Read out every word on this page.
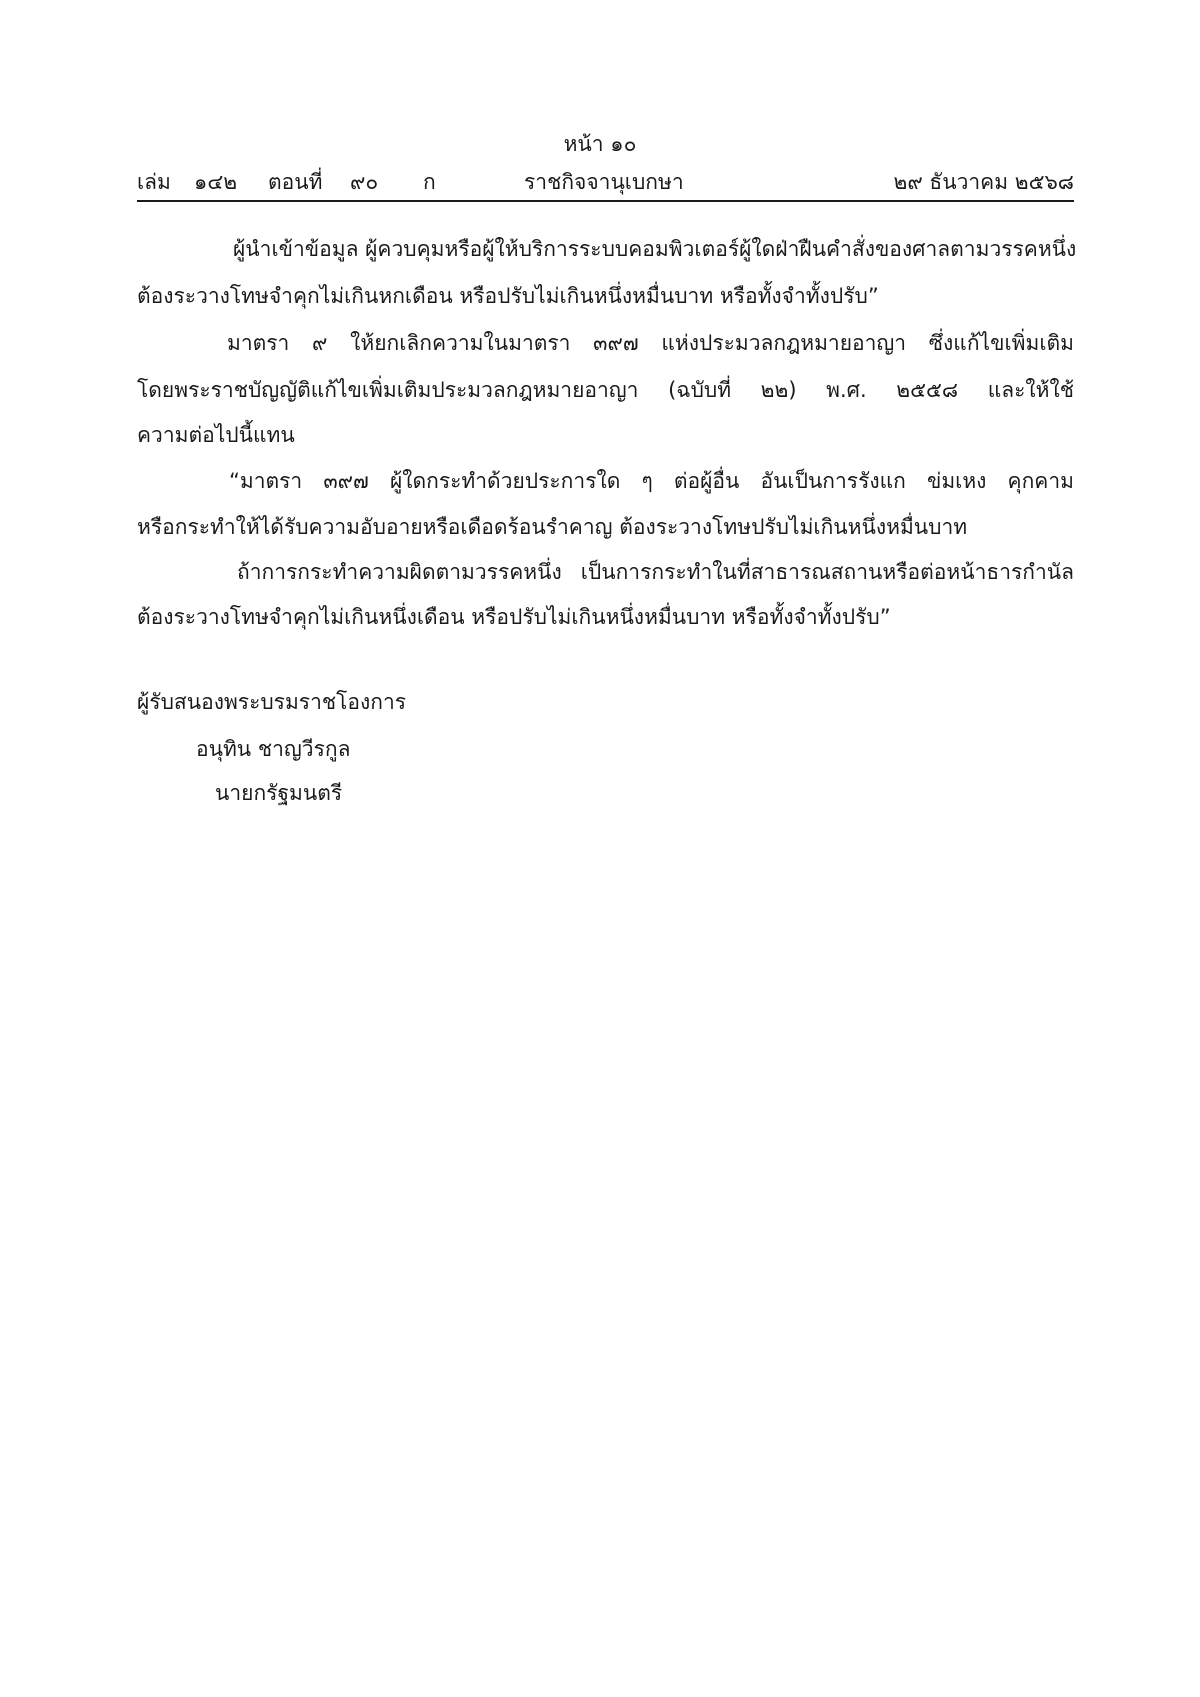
หน้า ๑๐
เล่ม ๑๔๒ ตอนที่ ๙๐ ก	ราชกิจจานุเบกษา	๒๙ ธันวาคม ๒๕๖๘
ผู้นำเข้าข้อมูล ผู้ควบคุมหรือผู้ให้บริการระบบคอมพิวเตอร์ผู้ใดฝ่าฝืนคำสั่งของศาลตามวรรคหนึ่ง
ต้องระวางโทษจำคุกไม่เกินหกเดือน หรือปรับไม่เกินหนึ่งหมื่นบาท หรือทั้งจำทั้งปรับ”
มาตรา ๙ ให้ยกเลิกความในมาตรา ๓๙๗ แห่งประมวลกฎหมายอาญา ซึ่งแก้ไขเพิ่มเติม
โดยพระราชบัญญัติแก้ไขเพิ่มเติมประมวลกฎหมายอาญา (ฉบับที่ ๒๒) พ.ศ. ๒๕๕๘ และให้ใช้
ความต่อไปนี้แทน
“มาตรา ๓๙๗ ผู้ใดกระทำด้วยประการใด ๆ ต่อผู้อื่น อันเป็นการรังแก ข่มเหง คุกคาม
หรือกระทำให้ได้รับความอับอายหรือเดือดร้อนรำคาญ ต้องระวางโทษปรับไม่เกินหนึ่งหมื่นบาท
ถ้าการกระทำความผิดตามวรรคหนึ่ง เป็นการกระทำในที่สาธารณสถานหรือต่อหน้าธารกำนัล
ต้องระวางโทษจำคุกไม่เกินหนึ่งเดือน หรือปรับไม่เกินหนึ่งหมื่นบาท หรือทั้งจำทั้งปรับ”
ผู้รับสนองพระบรมราชโองการ
อนุทิน ชาญวีรกูล
นายกรัฐมนตรี
